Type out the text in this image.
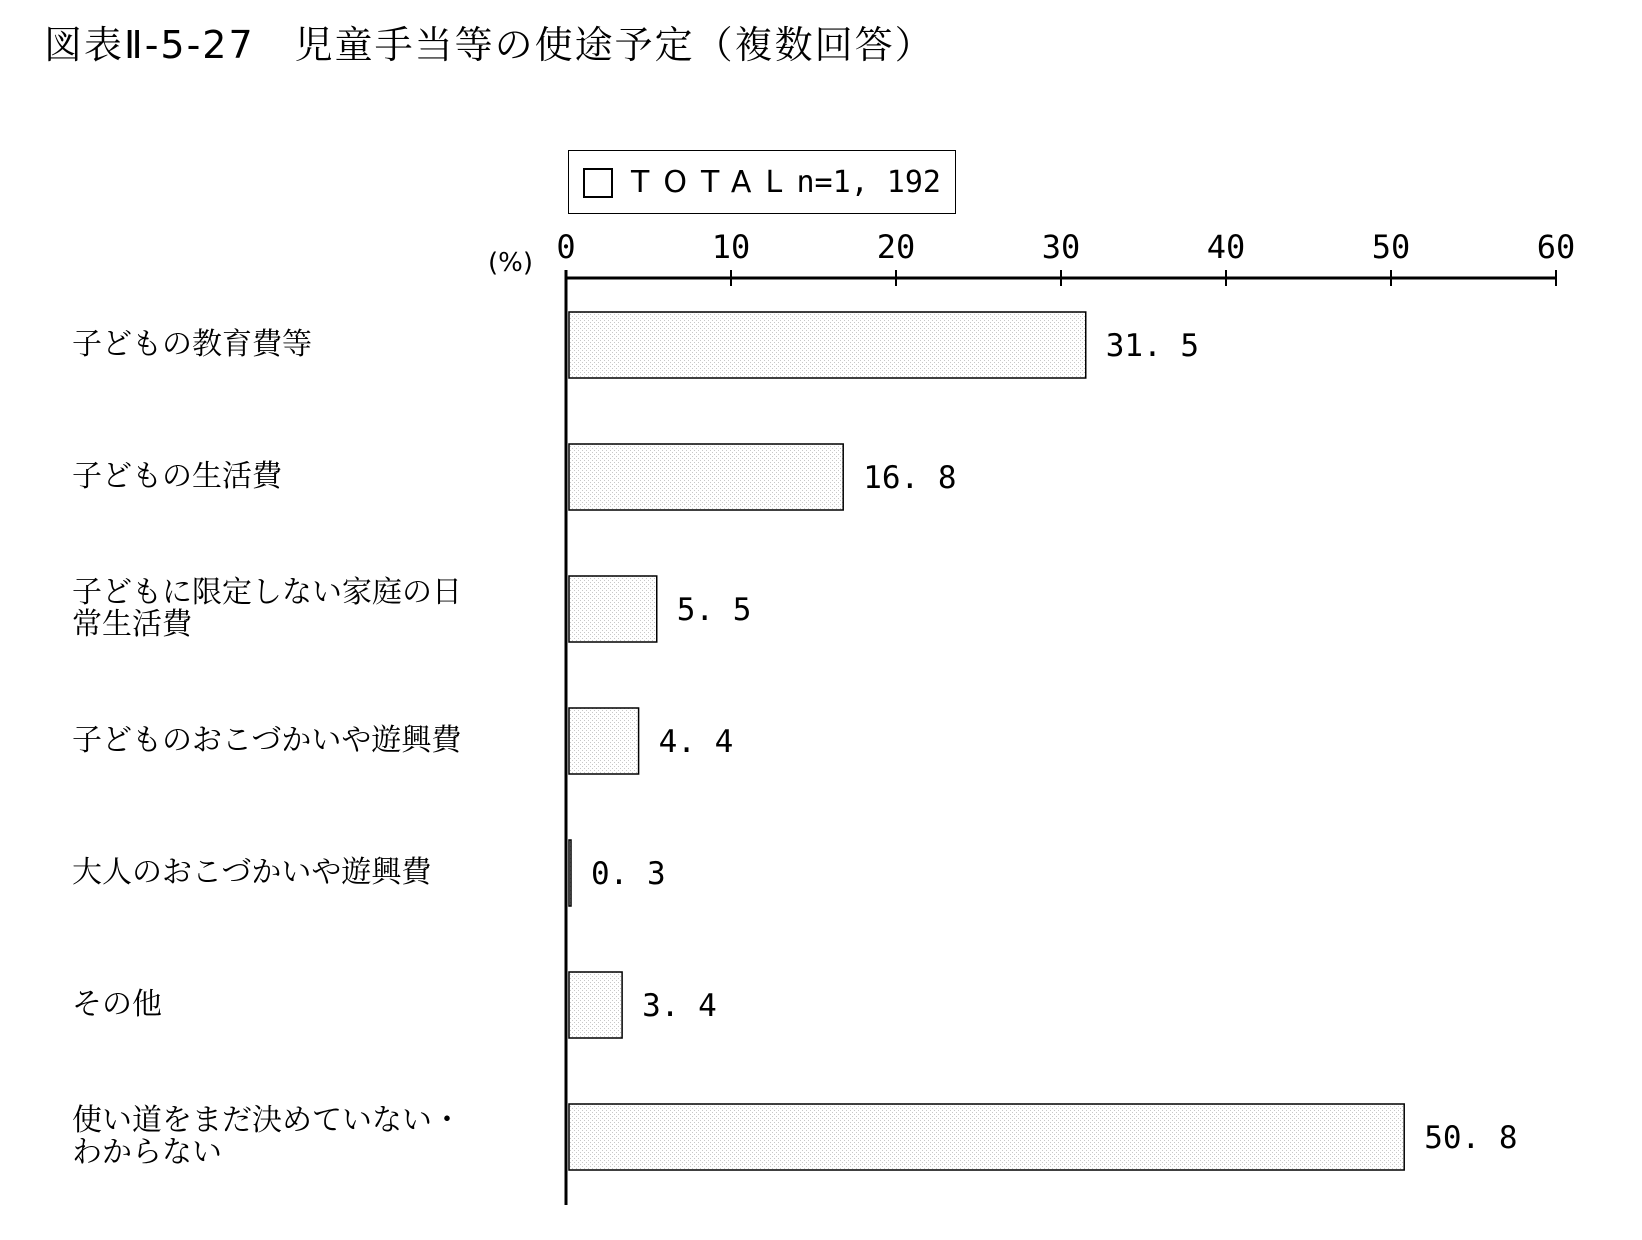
図表Ⅱ-5-27　児童手当等の使途予定（複数回答）
TOTAL n=1, 192
(%)
子どもの教育費等
子どもの生活費
子どもに限定しない家庭の日
常生活費
子どものおこづかいや遊興費
大人のおこづかいや遊興費
その他
使い道をまだ決めていない・
わからない
0	10	20	30	40	50	60
31. 5
16. 8
5. 5
4. 4
0. 3
3. 4
50. 8
